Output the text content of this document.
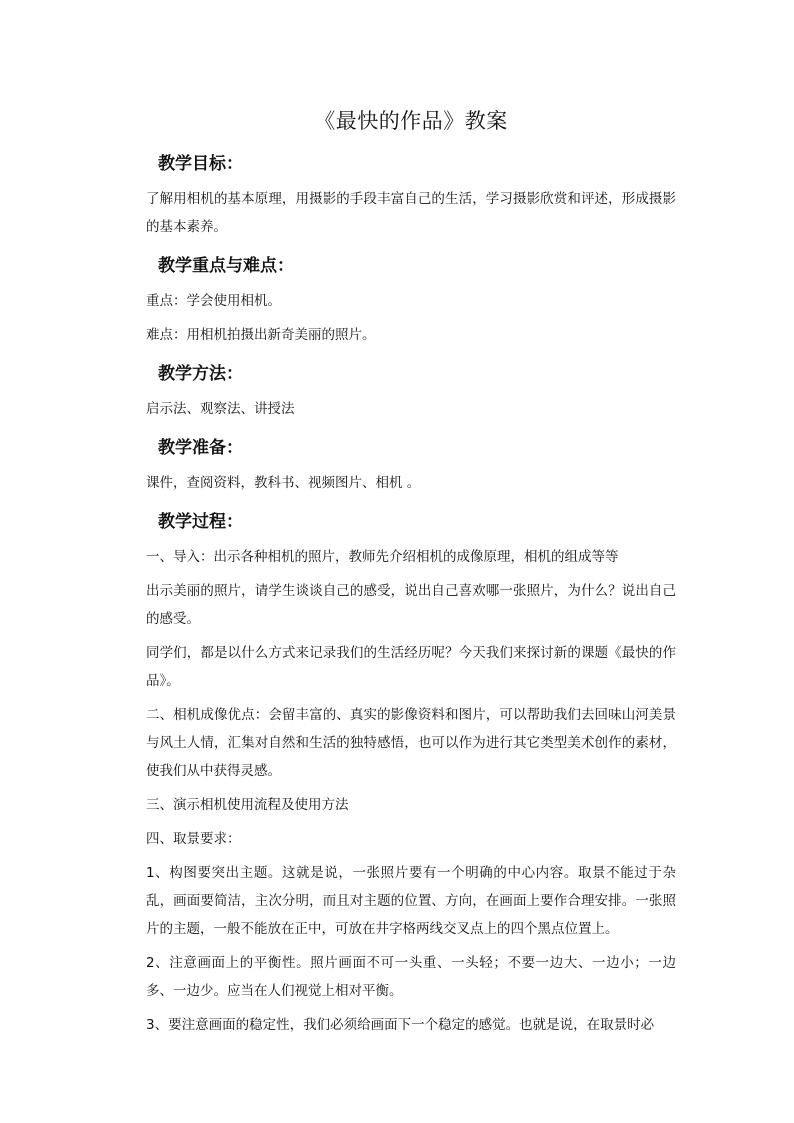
《最快的作品》教案
教学目标：

了解用相机的基本原理，用摄影的手段丰富自己的生活，学习摄影欣赏和评述，形成摄影的基本素养。

教学重点与难点：

重点：学会使用相机。

难点：用相机拍摄出新奇美丽的照片。

教学方法：

启示法、观察法、讲授法

教学准备：

课件，查阅资料，教科书、视频图片、相机 。

教学过程：

一、导入：出示各种相机的照片，教师先介绍相机的成像原理，相机的组成等等

出示美丽的照片，请学生谈谈自己的感受，说出自己喜欢哪一张照片，为什么？说出自己的感受。

同学们，都是以什么方式来记录我们的生活经历呢？今天我们来探讨新的课题《最快的作品》。

二、相机成像优点：会留丰富的、真实的影像资料和图片，可以帮助我们去回味山河美景与风土人情，汇集对自然和生活的独特感悟，也可以作为进行其它类型美术创作的素材，使我们从中获得灵感。

三、演示相机使用流程及使用方法

四、取景要求：

1、构图要突出主题。这就是说，一张照片要有一个明确的中心内容。取景不能过于杂乱，画面要简洁，主次分明，而且对主题的位置、方向，在画面上要作合理安排。一张照片的主题，一般不能放在正中，可放在井字格两线交叉点上的四个黑点位置上。

2、注意画面上的平衡性。照片画面不可一头重、一头轻；不要一边大、一边小；一边多、一边少。应当在人们视觉上相对平衡。

3、要注意画面的稳定性，我们必须给画面下一个稳定的感觉。也就是说，在取景时必
